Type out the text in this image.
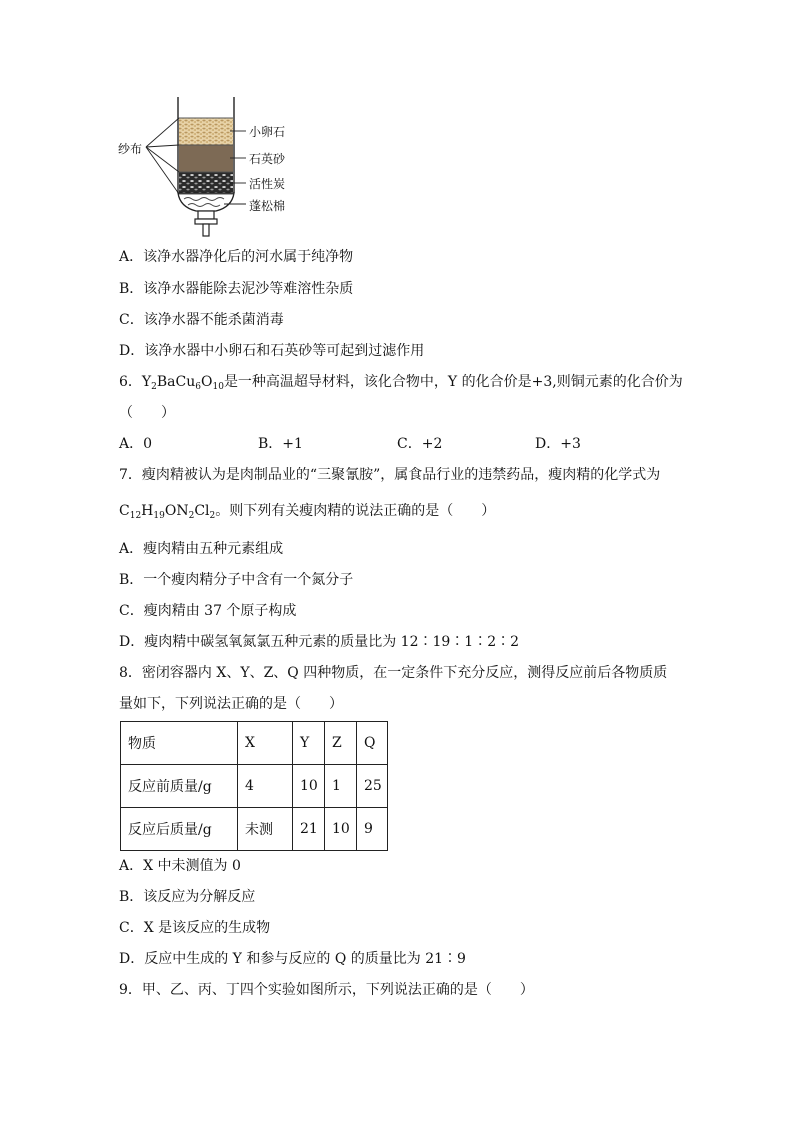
纱布
小卵石
石英砂
活性炭
蓬松棉
A．该净水器净化后的河水属于纯净物
B．该净水器能除去泥沙等难溶性杂质
C．该净水器不能杀菌消毒
D．该净水器中小卵石和石英砂等可起到过滤作用
6．$Y_2BaCu_6O_{10}$是一种高温超导材料，该化合物中，Y 的化合价是+3,则铜元素的化合价为
（　　）
A．0	B．+1	C．+2	D．+3
7．瘦肉精被认为是肉制品业的“三聚氰胺”，属食品行业的违禁药品，瘦肉精的化学式为
$C_{12}H_{19}ON_2Cl_2$。则下列有关瘦肉精的说法正确的是（　　）
A．瘦肉精由五种元素组成
B．一个瘦肉精分子中含有一个氮分子
C．瘦肉精由 37 个原子构成
D．瘦肉精中碳氢氧氮氯五种元素的质量比为 12∶19∶1∶2∶2
8．密闭容器内 X、Y、Z、Q 四种物质，在一定条件下充分反应，测得反应前后各物质质
量如下，下列说法正确的是（　　）
物质	X	Y	Z	Q
反应前质量/g	4	10	1	25
反应后质量/g	未测	21	10	9
A．X 中未测值为 0
B．该反应为分解反应
C．X 是该反应的生成物
D．反应中生成的 Y 和参与反应的 Q 的质量比为 21∶9
9．甲、乙、丙、丁四个实验如图所示，下列说法正确的是（　　）
